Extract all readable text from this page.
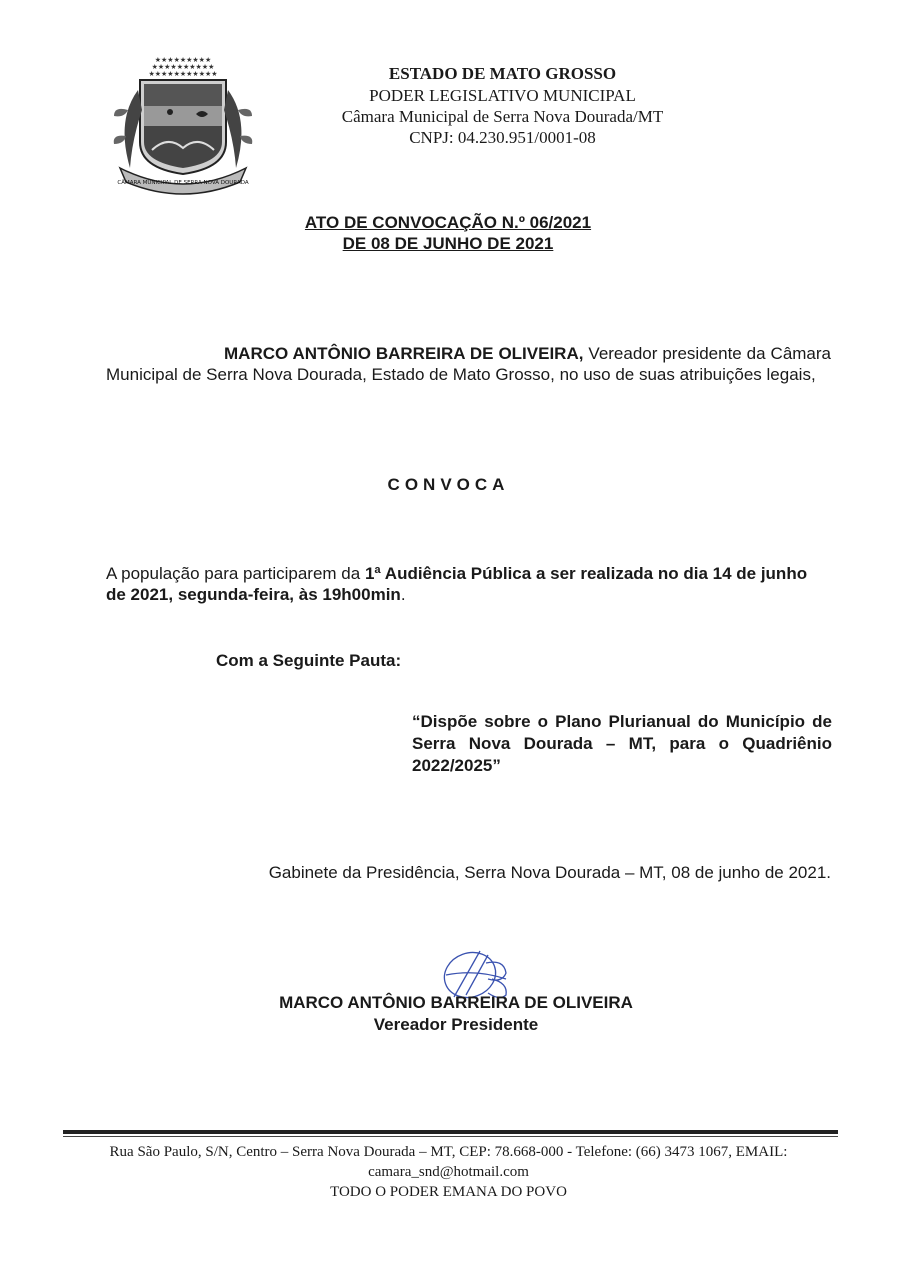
★★★★★★★★★
★★★★★★★★★★
★★★★★★★★★★★
CÂMARA MUNICIPAL DE SERRA NOVA DOURADA
ESTADO DE MATO GROSSO
PODER LEGISLATIVO MUNICIPAL
Câmara Municipal de Serra Nova Dourada/MT
CNPJ: 04.230.951/0001-08
ATO DE CONVOCAÇÃO N.º 06/2021
DE 08 DE JUNHO DE 2021
MARCO ANTÔNIO BARREIRA DE OLIVEIRA, Vereador presidente da Câmara Municipal de Serra Nova Dourada, Estado de Mato Grosso, no uso de suas atribuições legais,
CONVOCA
A população para participarem da 1ª Audiência Pública a ser realizada no dia 14 de junho de 2021, segunda-feira, às 19h00min.
Com a Seguinte Pauta:
“Dispõe sobre o Plano Plurianual do Município de Serra Nova Dourada – MT, para o Quadriênio 2022/2025”
Gabinete da Presidência, Serra Nova Dourada – MT, 08 de junho de 2021.
MARCO ANTÔNIO BARREIRA DE OLIVEIRA
Vereador Presidente
Rua São Paulo, S/N, Centro – Serra Nova Dourada – MT, CEP: 78.668-000 - Telefone: (66) 3473 1067, EMAIL:
camara_snd@hotmail.com
TODO O PODER EMANA DO POVO
